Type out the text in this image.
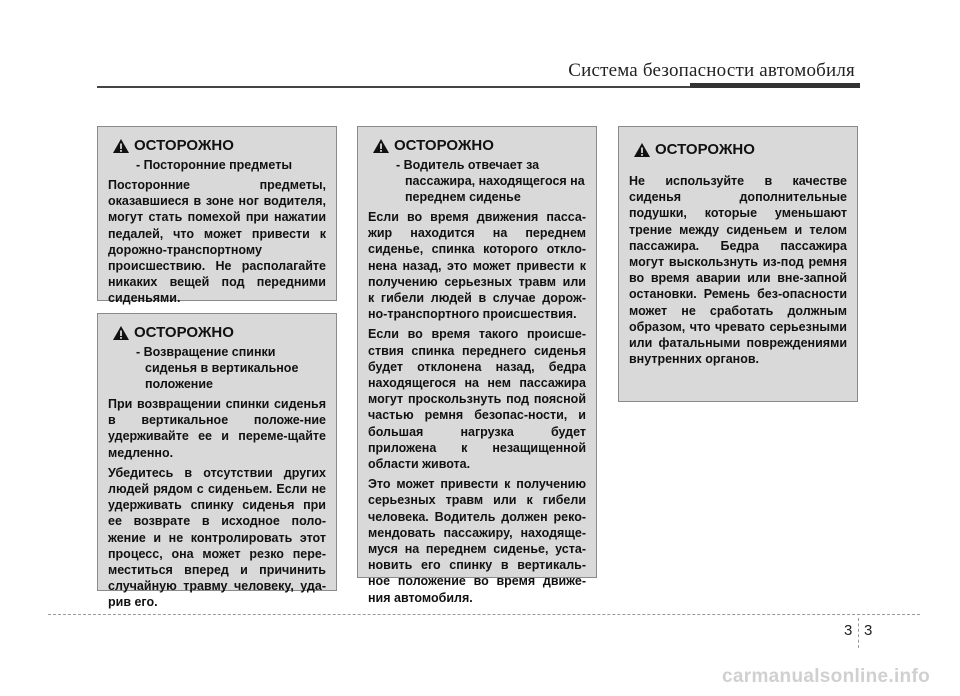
Система безопасности автомобиля
ОСТОРОЖНО
- Посторонние предметы
Посторонние предметы, оказавшиеся в зоне ног водителя, могут стать помехой при нажатии педалей, что может привести к дорожно-транспортному происшествию. Не располагайте никаких вещей под передними сиденьями.
ОСТОРОЖНО
- Возвращение спинки сиденья в вертикальное положение
При возвращении спинки сиденья в вертикальное положе-ние удерживайте ее и переме-щайте медленно.
Убедитесь в отсутствии других людей рядом с сиденьем. Если не удерживать спинку сиденья при ее возврате в исходное поло-жение и не контролировать этот процесс, она может резко пере-меститься вперед и причинить случайную травму человеку, уда-рив его.
ОСТОРОЖНО
- Водитель отвечает за пассажира, находящегося на переднем сиденье
Если во время движения пасса-жир находится на переднем сиденье, спинка которого откло-нена назад, это может привести к получению серьезных травм или к гибели людей в случае дорож-но-транспортного происшествия.
Если во время такого происше-ствия спинка переднего сиденья будет отклонена назад, бедра находящегося на нем пассажира могут проскользнуть под поясной частью ремня безопас-ности, и большая нагрузка будет приложена к незащищенной области живота.
Это может привести к получению серьезных травм или к гибели человека. Водитель должен реко-мендовать пассажиру, находяще-муся на переднем сиденье, уста-новить его спинку в вертикаль-ное положение во время движе-ния автомобиля.
ОСТОРОЖНО
Не используйте в качестве сиденья дополнительные подушки, которые уменьшают трение между сиденьем и телом пассажира. Бедра пассажира могут выскользнуть из-под ремня во время аварии или вне-запной остановки. Ремень без-опасности может не сработать должным образом, что чревато серьезными или фатальными повреждениями внутренних органов.
3 3
carmanualsonline.info
